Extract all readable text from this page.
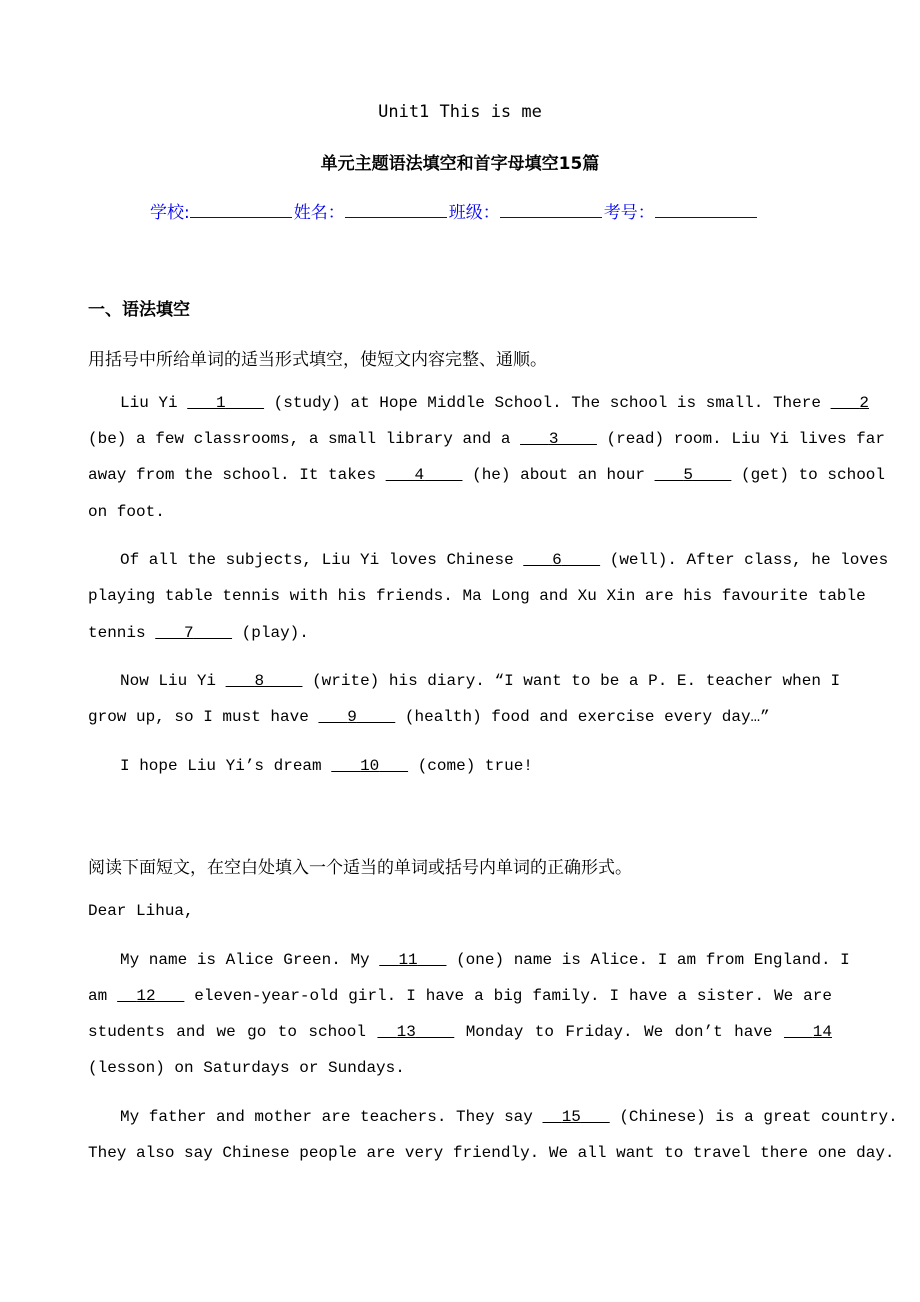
Unit1 This is me
单元主题语法填空和首字母填空15篇
学校:	姓名：	班级：	考号：
一、语法填空
用括号中所给单词的适当形式填空，使短文内容完整、通顺。
Liu Yi 1	(study) at Hope Middle School. The school is small. There 2
(be) a few classrooms, a small library and a 3	(read) room. Liu Yi lives far
away from the school. It takes 4	(he) about an hour 5	(get) to school
on foot.
Of all the subjects, Liu Yi loves Chinese 6	(well). After class, he loves
playing table tennis with his friends. Ma Long and Xu Xin are his favourite table
tennis 7	(play).
Now Liu Yi 8	(write) his diary. “I want to be a P. E. teacher when I
grow up, so I must have 9	(health) food and exercise every day…”
I hope Liu Yi’s dream 10 (come) true!
阅读下面短文，在空白处填入一个适当的单词或括号内单词的正确形式。
Dear Lihua,
My name is Alice Green. My 11 (one) name is Alice. I am from England. I
am 12 eleven-year-old girl. I have a big family. I have a sister. We are
students and we go to school 13	Monday to Friday. We don’t have	14
(lesson) on Saturdays or Sundays.
My father and mother are teachers. They say 15 (Chinese) is a great country.
They also say Chinese people are very friendly. We all want to travel there one day.
